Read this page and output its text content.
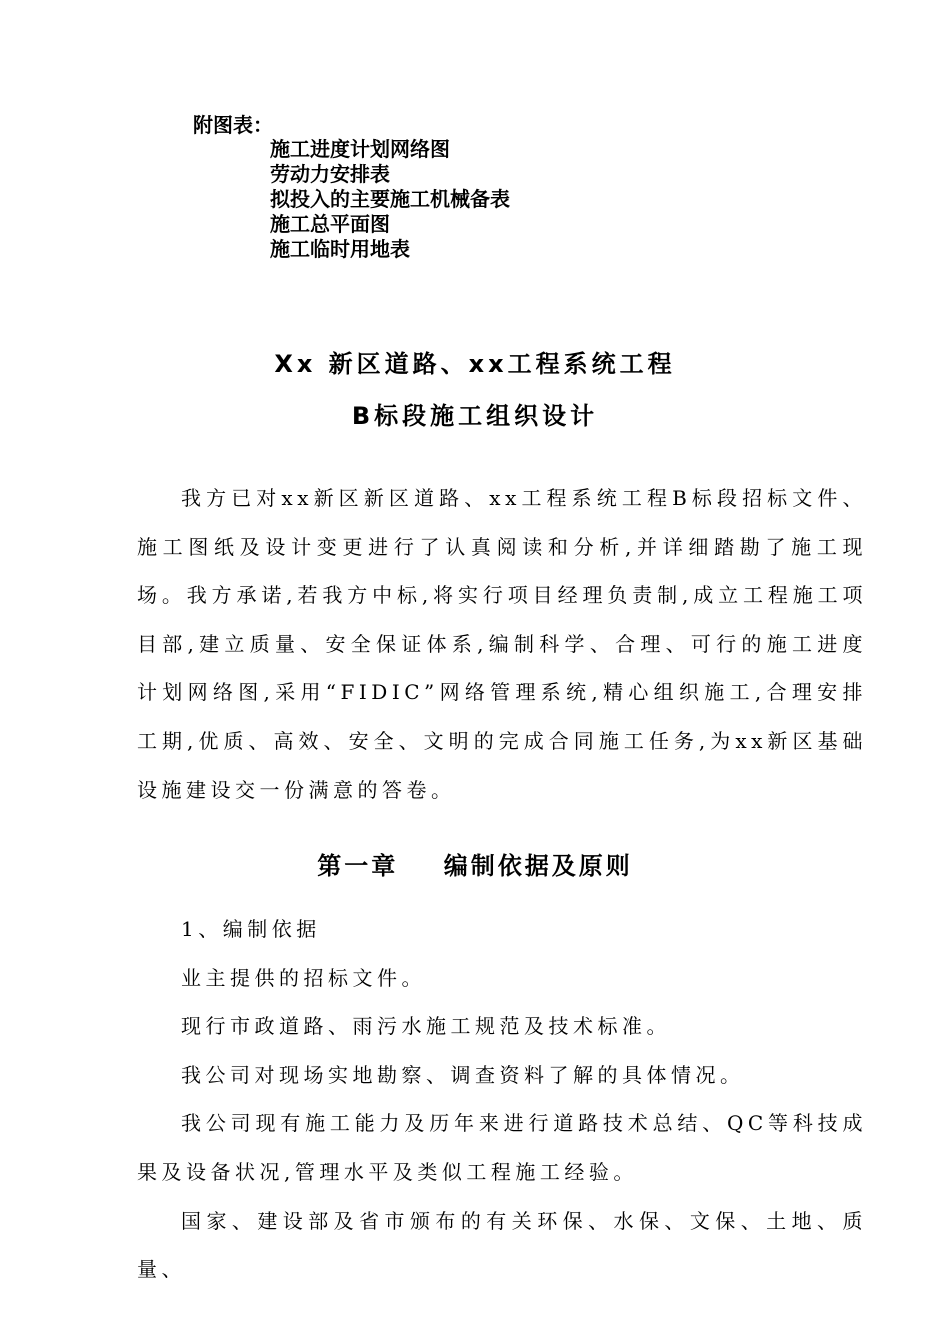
附图表：
施工进度计划网络图
劳动力安排表
拟投入的主要施工机械备表
施工总平面图
施工临时用地表
Xx 新区道路、xx工程系统工程
B标段施工组织设计

我方已对xx新区新区道路、xx工程系统工程B标段招标文件、施工图纸及设计变更进行了认真阅读和分析,并详细踏勘了施工现场。我方承诺,若我方中标,将实行项目经理负责制,成立工程施工项目部,建立质量、安全保证体系,编制科学、合理、可行的施工进度计划网络图,采用“FIDIC”网络管理系统,精心组织施工,合理安排工期,优质、高效、安全、文明的完成合同施工任务,为xx新区基础设施建设交一份满意的答卷。

第一章    编制依据及原则

1、编制依据

业主提供的招标文件。

现行市政道路、雨污水施工规范及技术标准。

我公司对现场实地勘察、调查资料了解的具体情况。

我公司现有施工能力及历年来进行道路技术总结、QC等科技成果及设备状况,管理水平及类似工程施工经验。

国家、建设部及省市颁布的有关环保、水保、文保、土地、质量、
